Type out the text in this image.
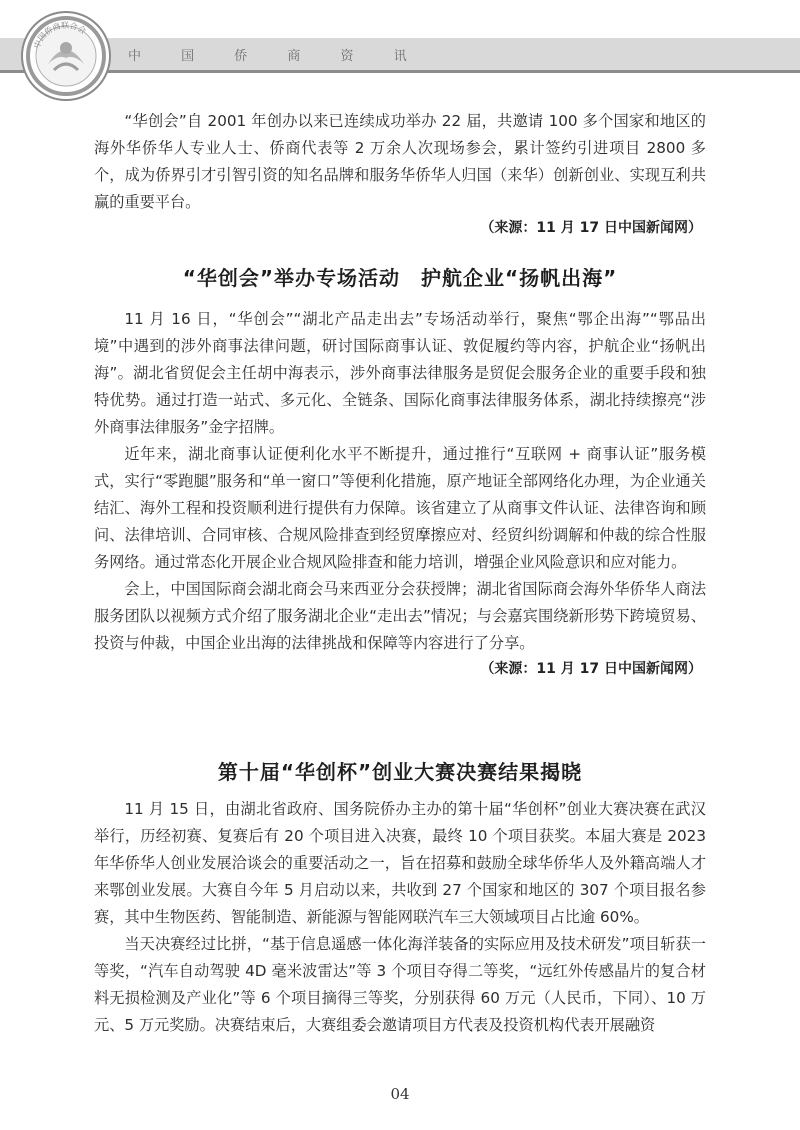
中 国 侨 商 资 讯
中国侨商联合会

“华创会”自 2001 年创办以来已连续成功举办 22 届，共邀请 100 多个国家和地区的海外华侨华人专业人士、侨商代表等 2 万余人次现场参会，累计签约引进项目 2800 多个，成为侨界引才引智引资的知名品牌和服务华侨华人归国（来华）创新创业、实现互利共赢的重要平台。

（来源：11 月 17 日中国新闻网）

“华创会”举办专场活动　护航企业“扬帆出海”

11 月 16 日，“华创会”“湖北产品走出去”专场活动举行，聚焦“鄂企出海”“鄂品出境”中遇到的涉外商事法律问题，研讨国际商事认证、敦促履约等内容，护航企业“扬帆出海”。湖北省贸促会主任胡中海表示，涉外商事法律服务是贸促会服务企业的重要手段和独特优势。通过打造一站式、多元化、全链条、国际化商事法律服务体系，湖北持续擦亮“涉外商事法律服务”金字招牌。

近年来，湖北商事认证便利化水平不断提升，通过推行“互联网 + 商事认证”服务模式，实行“零跑腿”服务和“单一窗口”等便利化措施，原产地证全部网络化办理，为企业通关结汇、海外工程和投资顺利进行提供有力保障。该省建立了从商事文件认证、法律咨询和顾问、法律培训、合同审核、合规风险排查到经贸摩擦应对、经贸纠纷调解和仲裁的综合性服务网络。通过常态化开展企业合规风险排查和能力培训，增强企业风险意识和应对能力。

会上，中国国际商会湖北商会马来西亚分会获授牌；湖北省国际商会海外华侨华人商法服务团队以视频方式介绍了服务湖北企业“走出去”情况；与会嘉宾围绕新形势下跨境贸易、投资与仲裁，中国企业出海的法律挑战和保障等内容进行了分享。

（来源：11 月 17 日中国新闻网）

第十届“华创杯”创业大赛决赛结果揭晓

11 月 15 日，由湖北省政府、国务院侨办主办的第十届“华创杯”创业大赛决赛在武汉举行，历经初赛、复赛后有 20 个项目进入决赛，最终 10 个项目获奖。本届大赛是 2023 年华侨华人创业发展洽谈会的重要活动之一，旨在招募和鼓励全球华侨华人及外籍高端人才来鄂创业发展。大赛自今年 5 月启动以来，共收到 27 个国家和地区的 307 个项目报名参赛，其中生物医药、智能制造、新能源与智能网联汽车三大领域项目占比逾 60%。

当天决赛经过比拼，“基于信息遥感一体化海洋装备的实际应用及技术研发”项目斩获一等奖，“汽车自动驾驶 4D 毫米波雷达”等 3 个项目夺得二等奖，“远红外传感晶片的复合材料无损检测及产业化”等 6 个项目摘得三等奖，分别获得 60 万元（人民币，下同）、10 万元、5 万元奖励。决赛结束后，大赛组委会邀请项目方代表及投资机构代表开展融资

04
